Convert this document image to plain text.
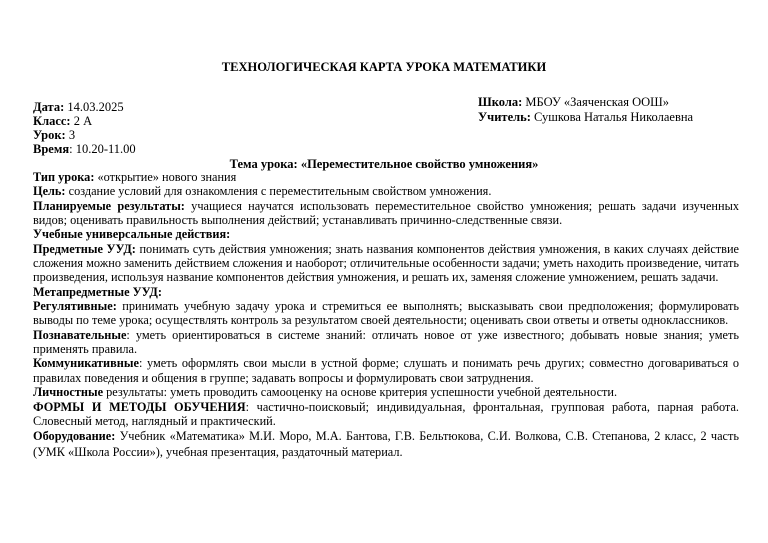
ТЕХНОЛОГИЧЕСКАЯ КАРТА УРОКА МАТЕМАТИКИ
Дата: 14.03.2025
Класс: 2 А
Урок: 3
Время: 10.20-11.00
Школа: МБОУ «Заяченская ООШ»
Учитель: Сушкова Наталья Николаевна
Тема урока: «Переместительное свойство умножения»

Тип урока: «открытие» нового знания

Цель: создание условий для ознакомления с переместительным свойством умножения.

Планируемые результаты: учащиеся научатся использовать переместительное свойство умножения; решать задачи изученных видов; оценивать правильность выполнения действий; устанавливать причинно-следственные связи.

Учебные универсальные действия:

Предметные УУД: понимать суть действия умножения; знать названия компонентов действия умножения, в каких случаях действие сложения можно заменить действием сложения и наоборот; отличительные особенности задачи; уметь находить произведение, читать произведения, используя название компонентов действия умножения, и решать их, заменяя сложение умножением, решать задачи.

Метапредметные УУД:

Регулятивные: принимать учебную задачу урока и стремиться ее выполнять; высказывать свои предположения; формулировать выводы по теме урока; осуществлять контроль за результатом своей деятельности; оценивать свои ответы и ответы одноклассников.

Познавательные: уметь ориентироваться в системе знаний: отличать новое от уже известного; добывать новые знания; уметь применять правила.

Коммуникативные: уметь оформлять свои мысли в устной форме; слушать и понимать речь других; совместно договариваться о правилах поведения и общения в группе; задавать вопросы и формулировать свои затруднения.

Личностные результаты: уметь проводить самооценку на основе критерия успешности учебной деятельности.

ФОРМЫ И МЕТОДЫ ОБУЧЕНИЯ: частично-поисковый; индивидуальная, фронтальная, групповая работа, парная работа. Словесный метод, наглядный и практический.

Оборудование: Учебник «Математика» М.И. Моро, М.А. Бантова, Г.В. Бельтюкова, С.И. Волкова, С.В. Степанова, 2 класс, 2 часть (УМК «Школа России»), учебная презентация, раздаточный материал.
